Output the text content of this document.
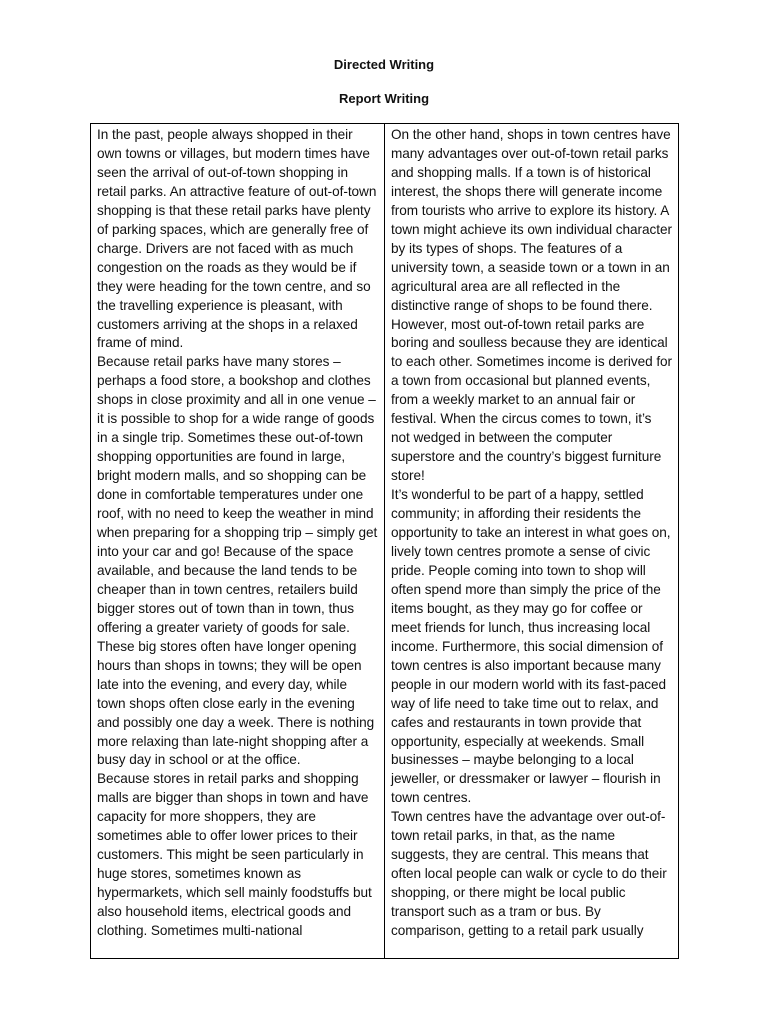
Directed Writing
Report Writing

In the past, people always shopped in their own towns or villages, but modern times have seen the arrival of out-of-town shopping in retail parks. An attractive feature of out-of-town shopping is that these retail parks have plenty of parking spaces, which are generally free of charge. Drivers are not faced with as much congestion on the roads as they would be if they were heading for the town centre, and so the travelling experience is pleasant, with customers arriving at the shops in a relaxed frame of mind.

Because retail parks have many stores – perhaps a food store, a bookshop and clothes shops in close proximity and all in one venue – it is possible to shop for a wide range of goods in a single trip. Sometimes these out-of-town shopping opportunities are found in large, bright modern malls, and so shopping can be done in comfortable temperatures under one roof, with no need to keep the weather in mind when preparing for a shopping trip – simply get into your car and go! Because of the space available, and because the land tends to be cheaper than in town centres, retailers build bigger stores out of town than in town, thus offering a greater variety of goods for sale. These big stores often have longer opening hours than shops in towns; they will be open late into the evening, and every day, while town shops often close early in the evening and possibly one day a week. There is nothing more relaxing than late-night shopping after a busy day in school or at the office.

Because stores in retail parks and shopping malls are bigger than shops in town and have capacity for more shoppers, they are sometimes able to offer lower prices to their customers. This might be seen particularly in huge stores, sometimes known as hypermarkets, which sell mainly foodstuffs but also household items, electrical goods and clothing. Sometimes multi-national

On the other hand, shops in town centres have many advantages over out-of-town retail parks and shopping malls. If a town is of historical interest, the shops there will generate income from tourists who arrive to explore its history. A town might achieve its own individual character by its types of shops. The features of a university town, a seaside town or a town in an agricultural area are all reflected in the distinctive range of shops to be found there. However, most out-of-town retail parks are boring and soulless because they are identical to each other. Sometimes income is derived for a town from occasional but planned events, from a weekly market to an annual fair or festival. When the circus comes to town, it’s not wedged in between the computer superstore and the country’s biggest furniture store!

It’s wonderful to be part of a happy, settled community; in affording their residents the opportunity to take an interest in what goes on, lively town centres promote a sense of civic pride. People coming into town to shop will often spend more than simply the price of the items bought, as they may go for coffee or meet friends for lunch, thus increasing local income. Furthermore, this social dimension of town centres is also important because many people in our modern world with its fast-paced way of life need to take time out to relax, and cafes and restaurants in town provide that opportunity, especially at weekends. Small businesses – maybe belonging to a local jeweller, or dressmaker or lawyer – flourish in town centres.

Town centres have the advantage over out-of-town retail parks, in that, as the name suggests, they are central. This means that often local people can walk or cycle to do their shopping, or there might be local public transport such as a tram or bus. By comparison, getting to a retail park usually
